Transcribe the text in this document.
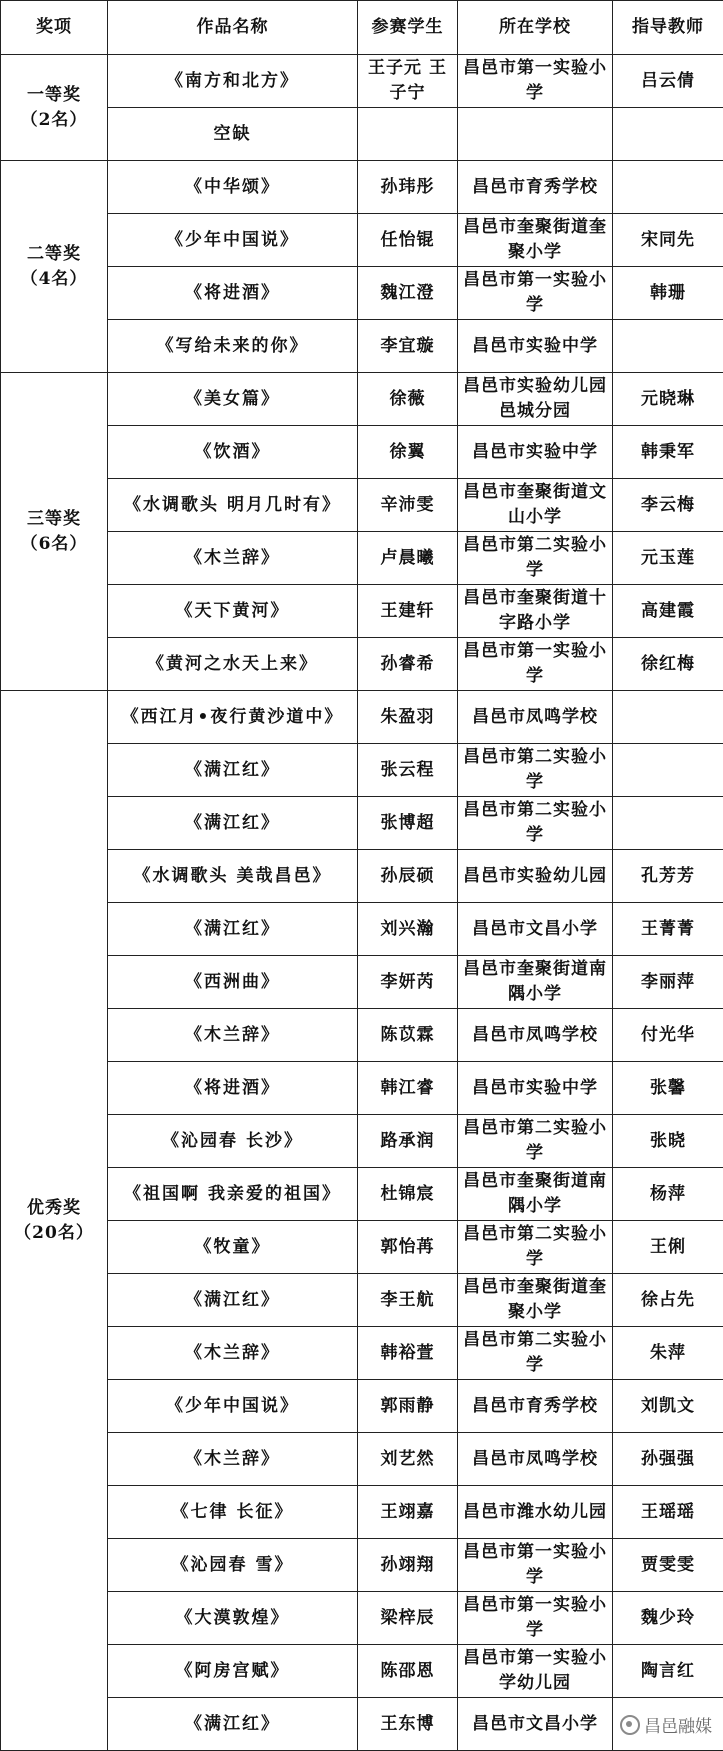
奖项	作品名称	参赛学生	所在学校	指导教师

一等奖
（2名）	《南方和北方》	王子元 王子宁	昌邑市第一实验小学	吕云倩
	空缺			

二等奖
（4名）	《中华颂》	孙玮彤	昌邑市育秀学校	
	《少年中国说》	任怡锟	昌邑市奎聚街道奎聚小学	宋同先
	《将进酒》	魏江澄	昌邑市第一实验小学	韩珊
	《写给未来的你》	李宜璇	昌邑市实验中学	

三等奖
（6名）	《美女篇》	徐薇	昌邑市实验幼儿园邑城分园	元晓琳
	《饮酒》	徐翼	昌邑市实验中学	韩秉军
	《水调歌头 明月几时有》	辛沛雯	昌邑市奎聚街道文山小学	李云梅
	《木兰辞》	卢晨曦	昌邑市第二实验小学	元玉莲
	《天下黄河》	王建轩	昌邑市奎聚街道十字路小学	高建霞
	《黄河之水天上来》	孙睿希	昌邑市第一实验小学	徐红梅

优秀奖
（20名）	《西江月•夜行黄沙道中》	朱盈羽	昌邑市凤鸣学校	
	《满江红》	张云程	昌邑市第二实验小学	
	《满江红》	张博超	昌邑市第二实验小学	
	《水调歌头 美哉昌邑》	孙辰硕	昌邑市实验幼儿园	孔芳芳
	《满江红》	刘兴瀚	昌邑市文昌小学	王菁菁
	《西洲曲》	李妍芮	昌邑市奎聚街道南隅小学	李丽萍
	《木兰辞》	陈苡霖	昌邑市凤鸣学校	付光华
	《将进酒》	韩江睿	昌邑市实验中学	张馨
	《沁园春 长沙》	路承润	昌邑市第二实验小学	张晓
	《祖国啊 我亲爱的祖国》	杜锦宸	昌邑市奎聚街道南隅小学	杨萍
	《牧童》	郭怡苒	昌邑市第二实验小学	王俐
	《满江红》	李王航	昌邑市奎聚街道奎聚小学	徐占先
	《木兰辞》	韩裕萱	昌邑市第二实验小学	朱萍
	《少年中国说》	郭雨静	昌邑市育秀学校	刘凯文
	《木兰辞》	刘艺然	昌邑市凤鸣学校	孙强强
	《七律 长征》	王翊嘉	昌邑市潍水幼儿园	王瑶瑶
	《沁园春 雪》	孙翊翔	昌邑市第一实验小学	贾雯雯
	《大漠敦煌》	梁梓辰	昌邑市第一实验小学	魏少玲
	《阿房宫赋》	陈邵恩	昌邑市第一实验小学幼儿园	陶言红
	《满江红》	王东博	昌邑市文昌小学		昌邑融媒
